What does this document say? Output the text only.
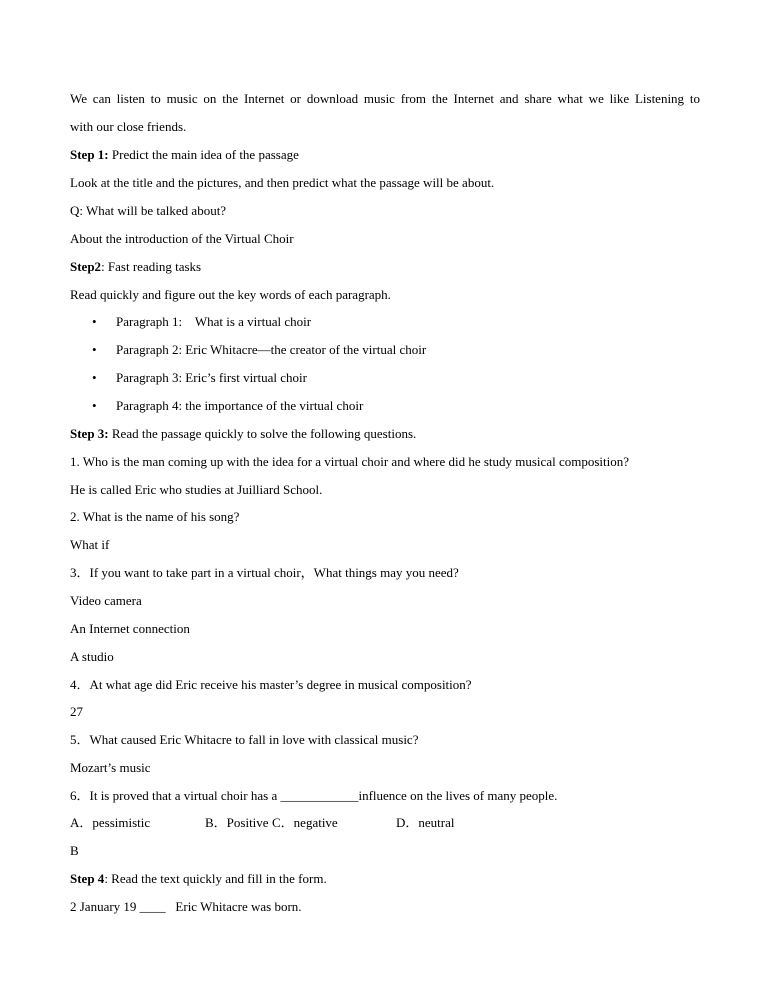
We can listen to music on the Internet or download music from the Internet and share what we like Listening to
with our close friends.
Step 1: Predict the main idea of the passage
Look at the title and the pictures, and then predict what the passage will be about.
Q: What will be talked about?
About the introduction of the Virtual Choir
Step2: Fast reading tasks
Read quickly and figure out the key words of each paragraph.
• Paragraph 1:    What is a virtual choir
• Paragraph 2: Eric Whitacre—the creator of the virtual choir
• Paragraph 3: Eric’s first virtual choir
• Paragraph 4: the importance of the virtual choir
Step 3: Read the passage quickly to solve the following questions.
1. Who is the man coming up with the idea for a virtual choir and where did he study musical composition?
He is called Eric who studies at Juilliard School.
2. What is the name of his song?
What if
3．If you want to take part in a virtual choir，What things may you need?
Video camera
An Internet connection
A studio
4．At what age did Eric receive his master’s degree in musical composition?
27
5．What caused Eric Whitacre to fall in love with classical music?
Mozart’s music
6．It is proved that a virtual choir has a ____________influence on the lives of many people.

A．pessimistic

	B．Positive

C．negative

	D．neutral

B
Step 4: Read the text quickly and fill in the form.
2 January 19 ____   Eric Whitacre was born.
